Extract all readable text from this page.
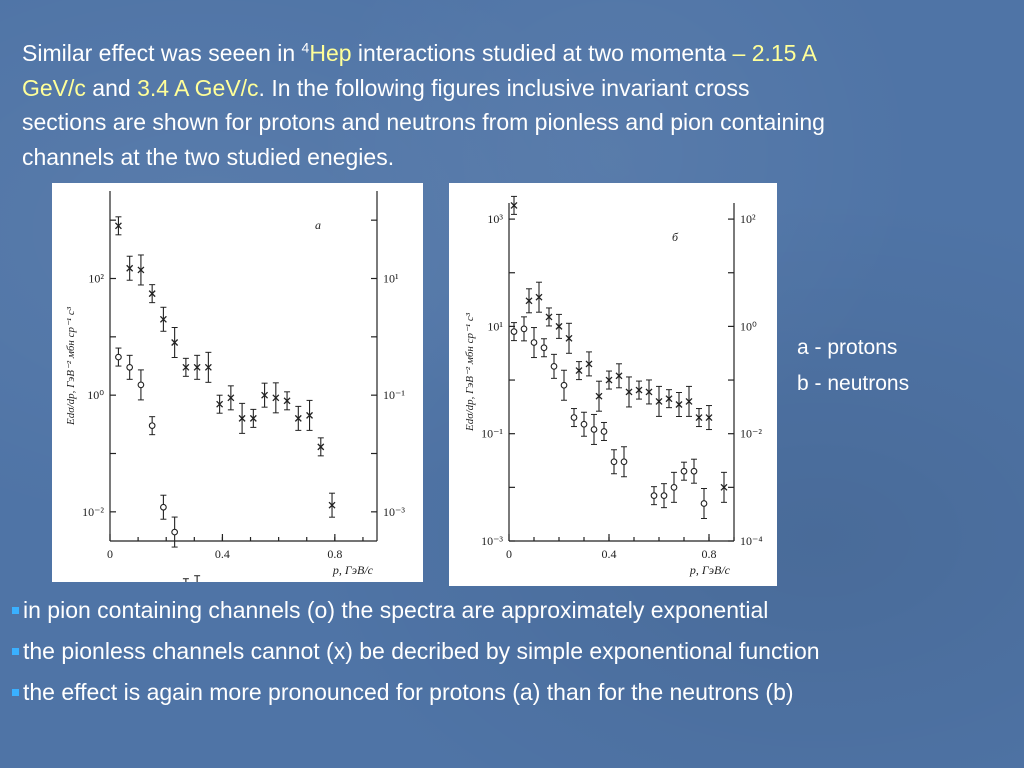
Similar effect was seeen in $^4$Hep interactions studied at two momenta – 2.15 A
GeV/c and 3.4 A GeV/c. In the following figures inclusive invariant cross
sections are shown for protons and neutrons from pionless and pion containing
channels at the two studied enegies.
0	0.4	0.8
10⁻²
10⁰
10²
10⁻³
10⁻¹
10¹
p, ГэВ/c
Edσ/dp, ГэВ⁻² мбн ср⁻¹ c³
a
0	0.4	0.8
10⁻³
10⁻¹
10¹
10³
10⁻⁴
10⁻²
10⁰
10²
p, ГэВ/c
Edσ/dp, ГэВ⁻² мбн ср⁻¹ c³
б
a - protons
b - neutrons
in pion containing channels (o) the spectra are approximately exponential
the pionless channels cannot (x) be decribed by simple exponentional function
the effect is again more pronounced for protons (a) than for the neutrons (b)
